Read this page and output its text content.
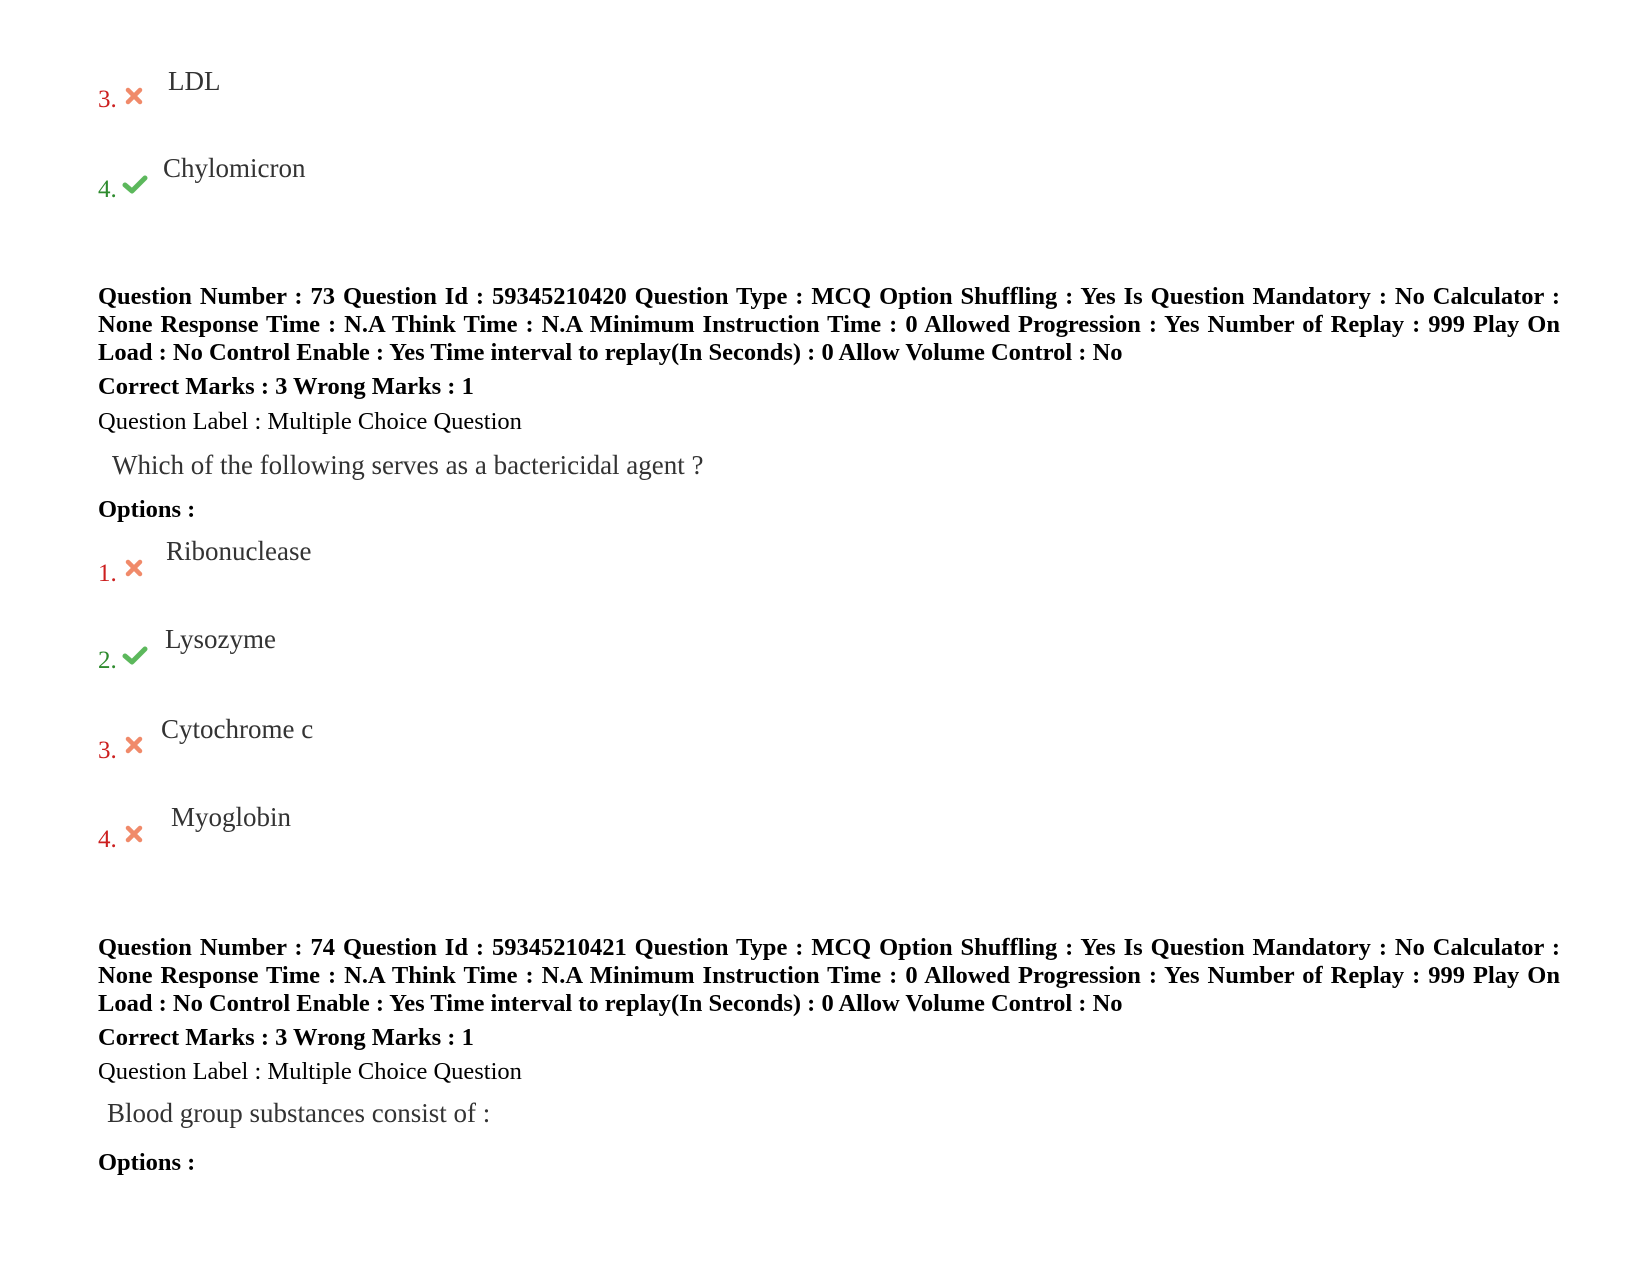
3.
LDL
4.
Chylomicron
Question Number : 73 Question Id : 59345210420 Question Type : MCQ Option Shuffling : Yes Is Question Mandatory : No Calculator : None Response Time : N.A Think Time : N.A Minimum Instruction Time : 0 Allowed Progression : Yes Number of Replay : 999 Play On Load : No Control Enable : Yes Time interval to replay(In Seconds) : 0 Allow Volume Control : No
Correct Marks : 3 Wrong Marks : 1
Question Label : Multiple Choice Question
Which of the following serves as a bactericidal agent ?
Options :
1.
Ribonuclease
2.
Lysozyme
3.
Cytochrome c
4.
Myoglobin
Question Number : 74 Question Id : 59345210421 Question Type : MCQ Option Shuffling : Yes Is Question Mandatory : No Calculator : None Response Time : N.A Think Time : N.A Minimum Instruction Time : 0 Allowed Progression : Yes Number of Replay : 999 Play On Load : No Control Enable : Yes Time interval to replay(In Seconds) : 0 Allow Volume Control : No
Correct Marks : 3 Wrong Marks : 1
Question Label : Multiple Choice Question
Blood group substances consist of :
Options :
